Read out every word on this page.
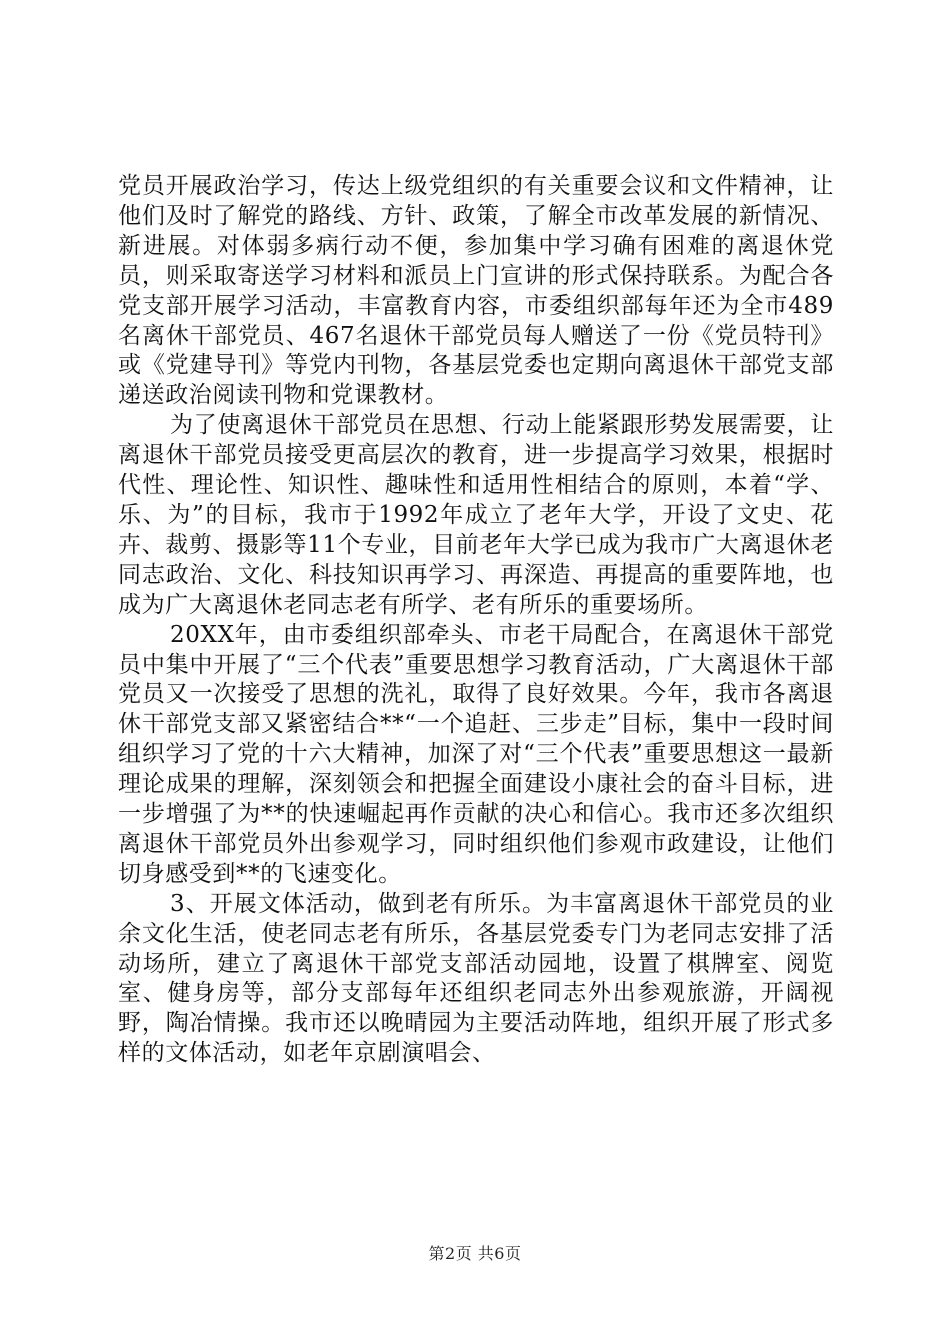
党员开展政治学习，传达上级党组织的有关重要会议和文件精神，让他们及时了解党的路线、方针、政策，了解全市改革发展的新情况、新进展。对体弱多病行动不便，参加集中学习确有困难的离退休党员，则采取寄送学习材料和派员上门宣讲的形式保持联系。为配合各党支部开展学习活动，丰富教育内容，市委组织部每年还为全市489名离休干部党员、467名退休干部党员每人赠送了一份《党员特刊》或《党建导刊》等党内刊物，各基层党委也定期向离退休干部党支部递送政治阅读刊物和党课教材。

为了使离退休干部党员在思想、行动上能紧跟形势发展需要，让离退休干部党员接受更高层次的教育，进一步提高学习效果，根据时代性、理论性、知识性、趣味性和适用性相结合的原则，本着“学、乐、为”的目标，我市于1992年成立了老年大学，开设了文史、花卉、裁剪、摄影等11个专业，目前老年大学已成为我市广大离退休老同志政治、文化、科技知识再学习、再深造、再提高的重要阵地，也成为广大离退休老同志老有所学、老有所乐的重要场所。

20XX年，由市委组织部牵头、市老干局配合，在离退休干部党员中集中开展了“三个代表”重要思想学习教育活动，广大离退休干部党员又一次接受了思想的洗礼，取得了良好效果。今年，我市各离退休干部党支部又紧密结合**“一个追赶、三步走”目标，集中一段时间组织学习了党的十六大精神，加深了对“三个代表”重要思想这一最新理论成果的理解，深刻领会和把握全面建设小康社会的奋斗目标，进一步增强了为**的快速崛起再作贡献的决心和信心。我市还多次组织离退休干部党员外出参观学习，同时组织他们参观市政建设，让他们切身感受到**的飞速变化。

3、开展文体活动，做到老有所乐。为丰富离退休干部党员的业余文化生活，使老同志老有所乐，各基层党委专门为老同志安排了活动场所，建立了离退休干部党支部活动园地，设置了棋牌室、阅览室、健身房等，部分支部每年还组织老同志外出参观旅游，开阔视野，陶冶情操。我市还以晚晴园为主要活动阵地，组织开展了形式多样的文体活动，如老年京剧演唱会、

第2页 共6页
